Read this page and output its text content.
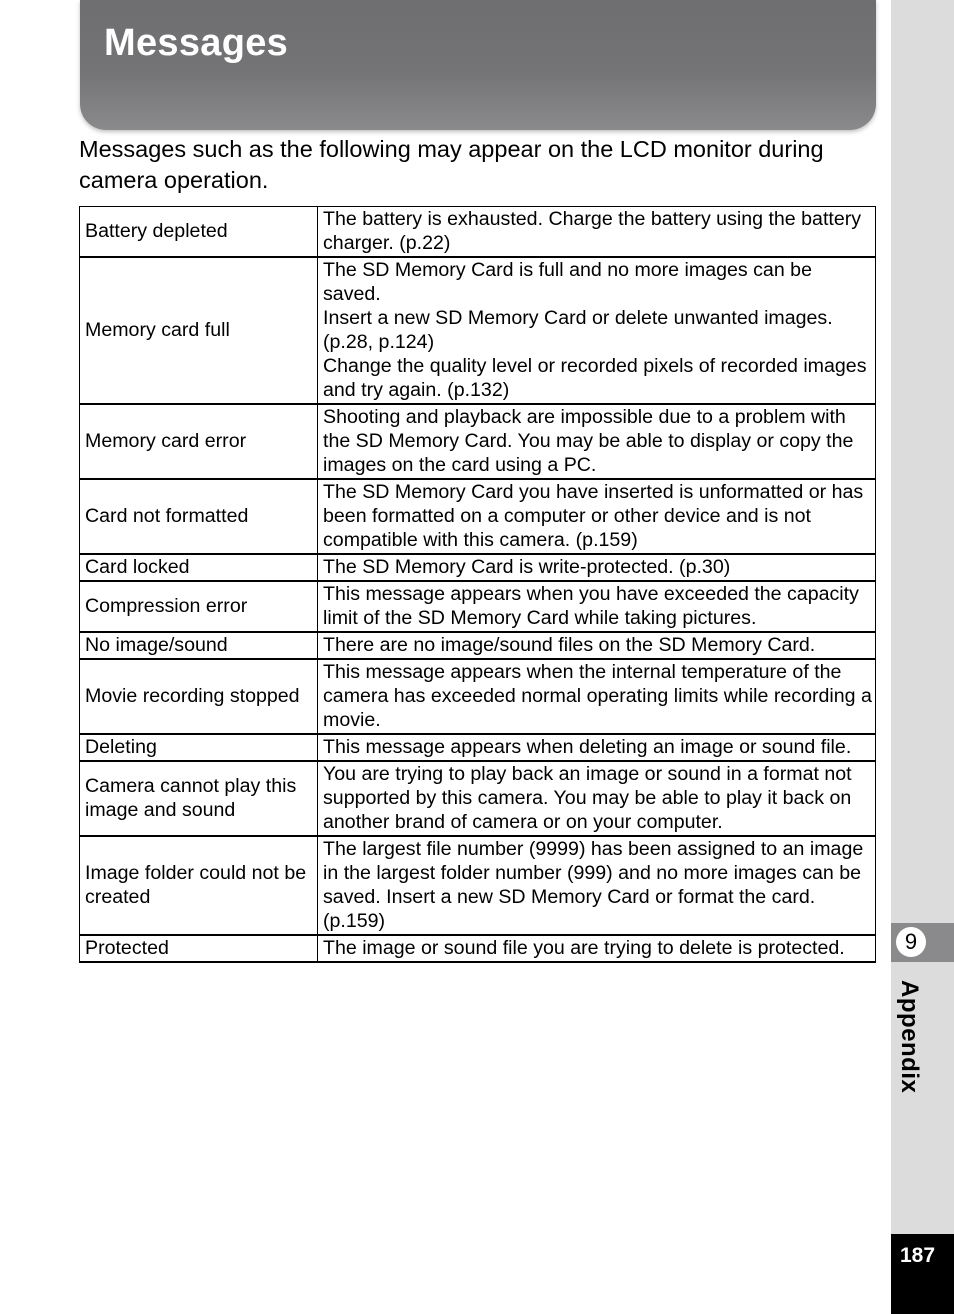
Messages
Messages such as the following may appear on the LCD monitor during camera operation.
Battery depleted	The battery is exhausted. Charge the battery using the battery charger. (p.22)

Memory card full	The SD Memory Card is full and no more images can be saved.
Insert a new SD Memory Card or delete unwanted images. (p.28, p.124)
Change the quality level or recorded pixels of recorded images and try again. (p.132)

Memory card error	Shooting and playback are impossible due to a problem with the SD Memory Card. You may be able to display or copy the images on the card using a PC.

Card not formatted	The SD Memory Card you have inserted is unformatted or has been formatted on a computer or other device and is not compatible with this camera. (p.159)

Card locked	The SD Memory Card is write-protected. (p.30)

Compression error	This message appears when you have exceeded the capacity limit of the SD Memory Card while taking pictures.

No image/sound	There are no image/sound files on the SD Memory Card.

Movie recording stopped	This message appears when the internal temperature of the camera has exceeded normal operating limits while recording a movie.

Deleting	This message appears when deleting an image or sound file.

Camera cannot play this image and sound	You are trying to play back an image or sound in a format not supported by this camera. You may be able to play it back on another brand of camera or on your computer.

Image folder could not be created	The largest file number (9999) has been assigned to an image in the largest folder number (999) and no more images can be saved. Insert a new SD Memory Card or format the card. (p.159)

Protected	The image or sound file you are trying to delete is protected.	9
Appendix
187
